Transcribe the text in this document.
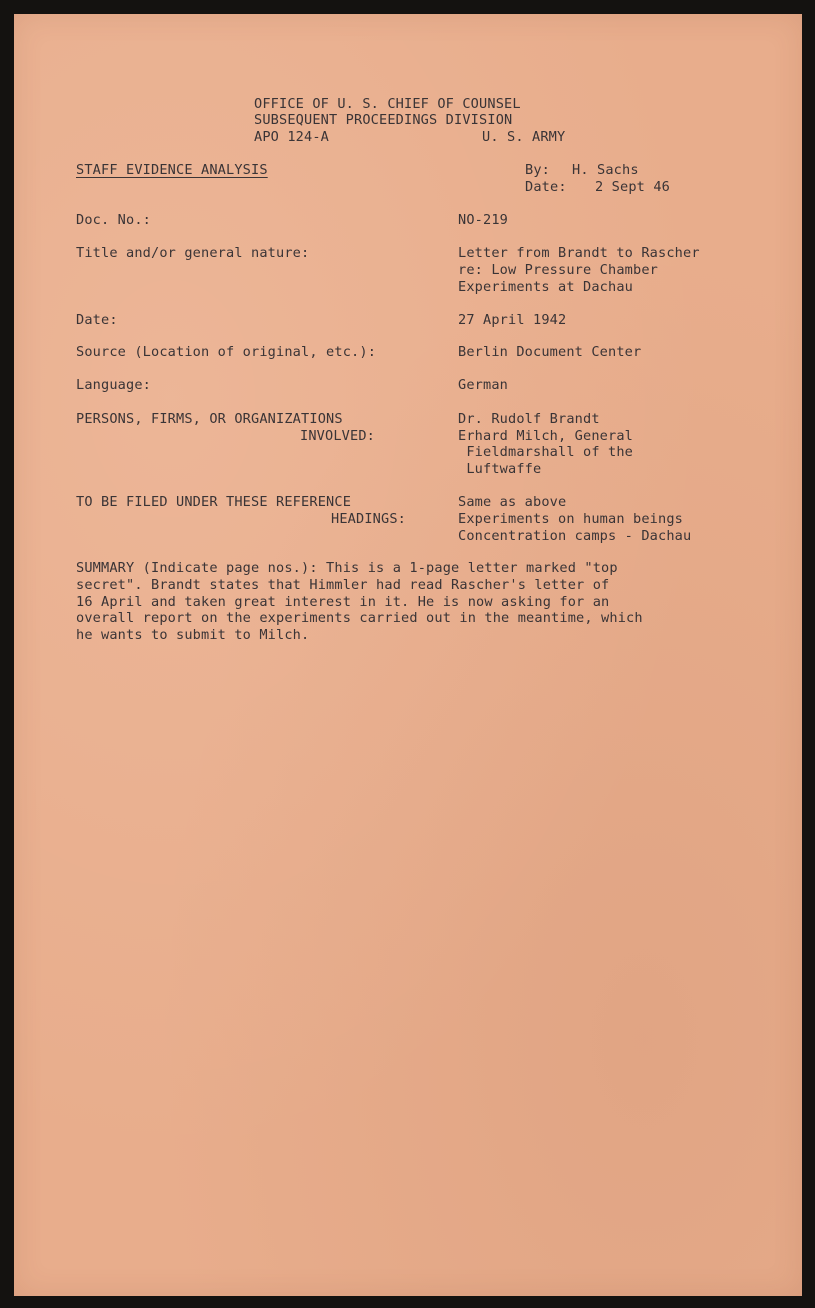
OFFICE OF U. S. CHIEF OF COUNSEL
SUBSEQUENT PROCEEDINGS DIVISION
APO 124-A	U. S. ARMY
STAFF EVIDENCE ANALYSIS	By: H. Sachs
Date: 2 Sept 46
Doc. No.:	NO-219
Title and/or general nature:	Letter from Brandt to Rascher
re: Low Pressure Chamber
Experiments at Dachau
Date:	27 April 1942
Source (Location of original, etc.):	Berlin Document Center
Language:	German
PERSONS, FIRMS, OR ORGANIZATIONS
INVOLVED:
Dr. Rudolf Brandt
Erhard Milch, General
Fieldmarshall of the
Luftwaffe
TO BE FILED UNDER THESE REFERENCE
HEADINGS:
Same as above
Experiments on human beings
Concentration camps - Dachau
SUMMARY (Indicate page nos.): This is a 1-page letter marked "top
secret". Brandt states that Himmler had read Rascher's letter of
16 April and taken great interest in it. He is now asking for an
overall report on the experiments carried out in the meantime, which
he wants to submit to Milch.
